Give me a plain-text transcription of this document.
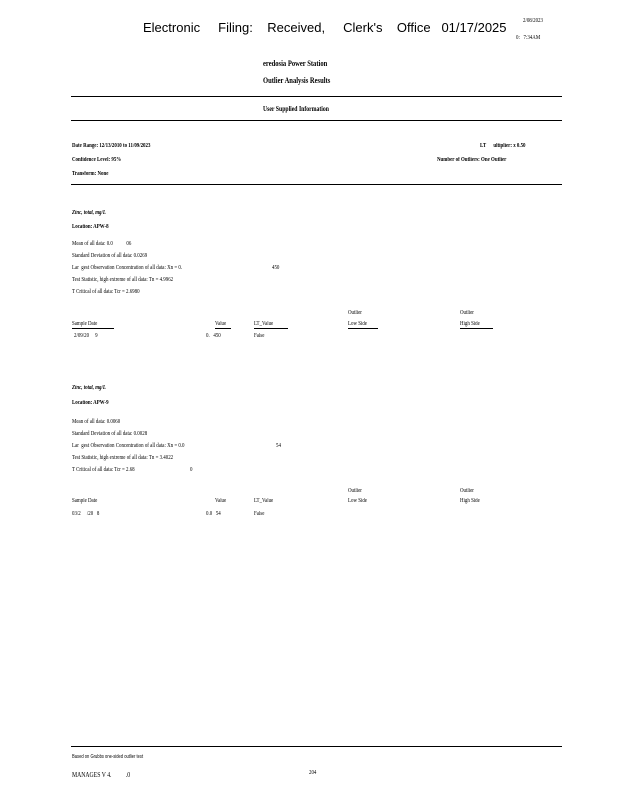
Electronic     Filing:    Received,     Clerk's    Office   01/17/2025	2/08/2023
0:   7:34AM
eredosia Power Station
Outlier Analysis Results
User Supplied Information
Date Range: 12/13/2010 to 11/09/2023
Confidence Level: 95%
Transform: None
LT      ultiplier: x 0.50
Number of Outliers: One Outlier
Zinc, total, mg/L
Location: APW-8
Mean of all data: 0.0           06
Standard Deviation of all data: 0.0269
Lar  gest Observation Concentration of all data: Xn = 0.	450
Test Statistic, high extreme of all data: Tn = 4.9962
T Critical of all data: Tcr = 2.6980
Outlier	Outlier
Sample Date	Value	LT_Value	Low Side	High Side
2/09/20     9	0.   450	False
Zinc, total, mg/L
Location: APW-9
Mean of all data: 0.0060
Standard Deviation of all data: 0.0028
Lar  gest Observation Concentration of all data: Xn = 0.0	54
Test Statistic, high extreme of all data: Tn = 3.4022
T Critical of all data: Tcr = 2.68	0
Outlier	Outlier
Sample Date	Value	LT_Value	Low Side	High Side
03/2     /20   8	0.0   54	False
Based on Grubbs one-sided outlier test
MANAGES V 4.          .0	204
